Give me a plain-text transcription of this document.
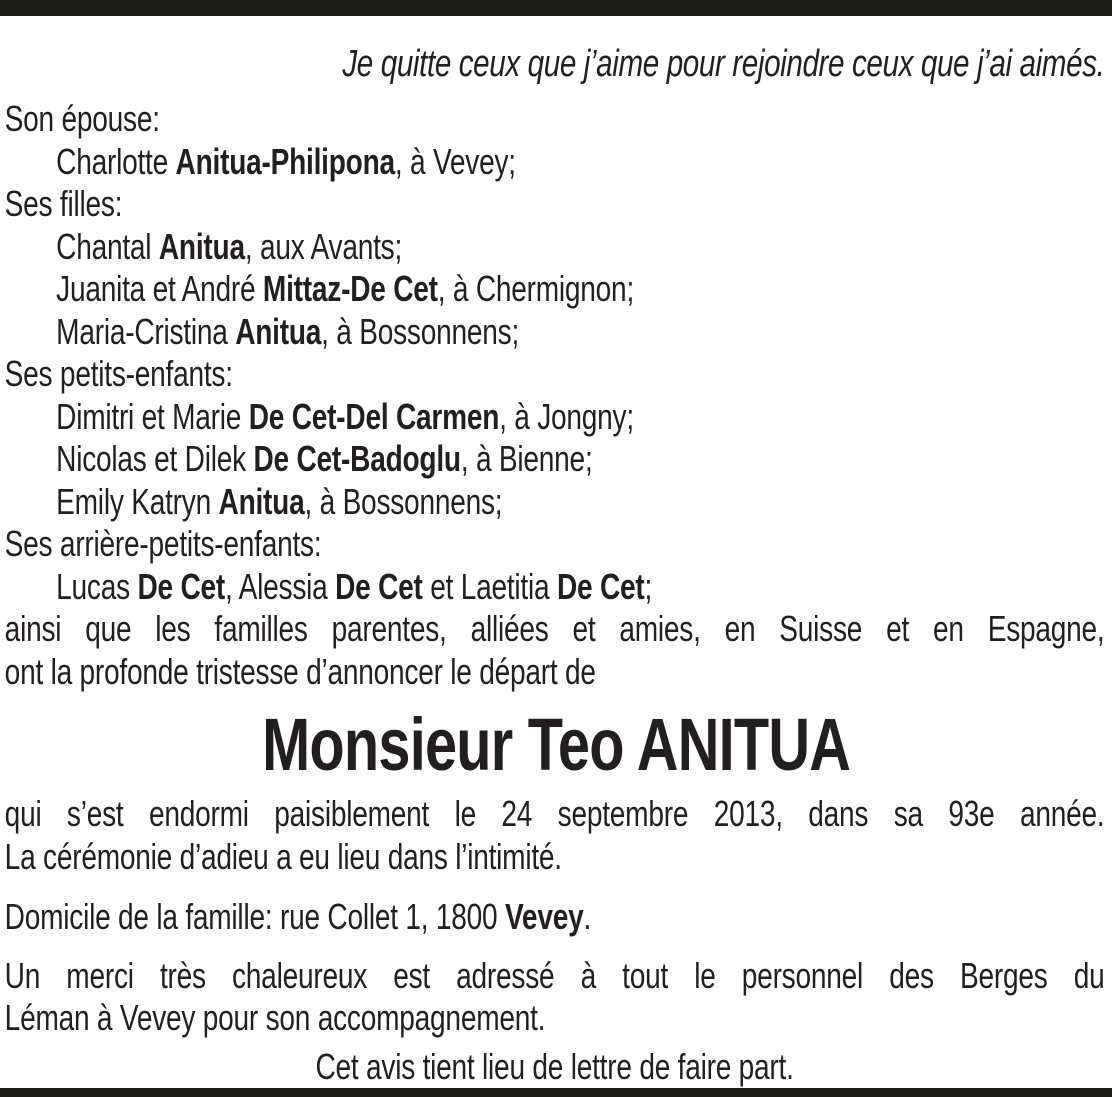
Je quitte ceux que j’aime pour rejoindre ceux que j’ai aimés.
Son épouse:
Charlotte Anitua-Philipona, à Vevey;
Ses filles:
Chantal Anitua, aux Avants;
Juanita et André Mittaz-De Cet, à Chermignon;
Maria-Cristina Anitua, à Bossonnens;
Ses petits-enfants:
Dimitri et Marie De Cet-Del Carmen, à Jongny;
Nicolas et Dilek De Cet-Badoglu, à Bienne;
Emily Katryn Anitua, à Bossonnens;
Ses arrière-petits-enfants:
Lucas De Cet, Alessia De Cet et Laetitia De Cet;
ainsi que les familles parentes, alliées et amies, en Suisse et en Espagne,
ont la profonde tristesse d’annoncer le départ de
Monsieur Teo ANITUA
qui s’est endormi paisiblement le 24 septembre 2013, dans sa 93e année.
La cérémonie d’adieu a eu lieu dans l’intimité.
Domicile de la famille: rue Collet 1, 1800 Vevey.
Un merci très chaleureux est adressé à tout le personnel des Berges du
Léman à Vevey pour son accompagnement.
Cet avis tient lieu de lettre de faire part.
